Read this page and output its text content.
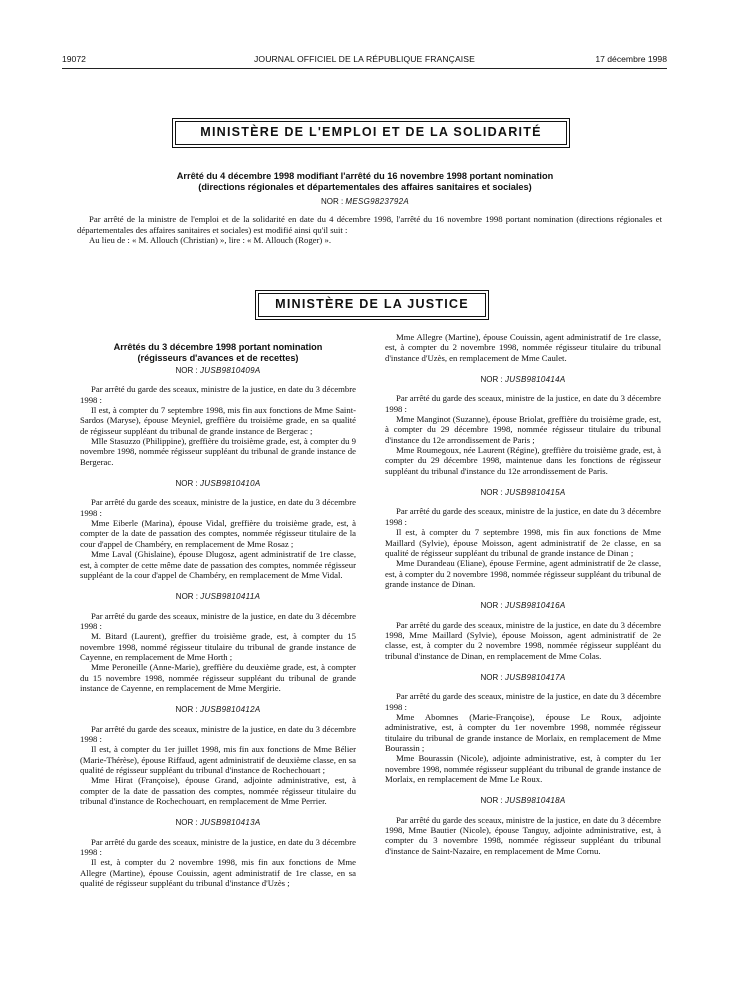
19072	JOURNAL OFFICIEL DE LA RÉPUBLIQUE FRANÇAISE	17 décembre 1998
MINISTÈRE DE L'EMPLOI ET DE LA SOLIDARITÉ
Arrêté du 4 décembre 1998 modifiant l'arrêté du 16 novembre 1998 portant nomination
(directions régionales et départementales des affaires sanitaires et sociales)
NOR : MESG9823792A

Par arrêté de la ministre de l'emploi et de la solidarité en date du 4 décembre 1998, l'arrêté du 16 novembre 1998 portant nomination (directions régionales et départementales des affaires sanitaires et sociales) est modifié ainsi qu'il suit :

Au lieu de : « M. Allouch (Christian) », lire : « M. Allouch (Roger) ».

MINISTÈRE DE LA JUSTICE
Arrêtés du 3 décembre 1998 portant nomination
(régisseurs d'avances et de recettes)
NOR : JUSB9810409A

Par arrêté du garde des sceaux, ministre de la justice, en date du 3 décembre 1998 :

Il est, à compter du 7 septembre 1998, mis fin aux fonctions de Mme Saint-Sardos (Maryse), épouse Meyniel, greffière du troisième grade, en sa qualité de régisseur suppléant du tribunal de grande instance de Bergerac ;

Mlle Stasuzzo (Philippine), greffière du troisième grade, est, à compter du 9 novembre 1998, nommée régisseur suppléant du tribunal de grande instance de Bergerac.

NOR : JUSB9810410A

Par arrêté du garde des sceaux, ministre de la justice, en date du 3 décembre 1998 :

Mme Eiberle (Marina), épouse Vidal, greffière du troisième grade, est, à compter de la date de passation des comptes, nommée régisseur titulaire de la cour d'appel de Chambéry, en remplacement de Mme Rosaz ;

Mme Laval (Ghislaine), épouse Dlugosz, agent administratif de 1re classe, est, à compter de cette même date de passation des comptes, nommée régisseur suppléant de la cour d'appel de Chambéry, en remplacement de Mme Vidal.

NOR : JUSB9810411A

Par arrêté du garde des sceaux, ministre de la justice, en date du 3 décembre 1998 :

M. Bitard (Laurent), greffier du troisième grade, est, à compter du 15 novembre 1998, nommé régisseur titulaire du tribunal de grande instance de Cayenne, en remplacement de Mme Horth ;

Mme Peroneille (Anne-Marie), greffière du deuxième grade, est, à compter du 15 novembre 1998, nommée régisseur suppléant du tribunal de grande instance de Cayenne, en remplacement de Mme Mergirie.

NOR : JUSB9810412A

Par arrêté du garde des sceaux, ministre de la justice, en date du 3 décembre 1998 :

Il est, à compter du 1er juillet 1998, mis fin aux fonctions de Mme Bélier (Marie-Thérèse), épouse Riffaud, agent administratif de deuxième classe, en sa qualité de régisseur suppléant du tribunal d'instance de Rochechouart ;

Mme Hirat (Françoise), épouse Grand, adjointe administrative, est, à compter de la date de passation des comptes, nommée régisseur titulaire du tribunal d'instance de Rochechouart, en remplacement de Mme Perrier.

NOR : JUSB9810413A

Par arrêté du garde des sceaux, ministre de la justice, en date du 3 décembre 1998 :

Il est, à compter du 2 novembre 1998, mis fin aux fonctions de Mme Allegre (Martine), épouse Couissin, agent administratif de 1re classe, en sa qualité de régisseur suppléant du tribunal d'instance d'Uzès ;

Mme Allegre (Martine), épouse Couissin, agent administratif de 1re classe, est, à compter du 2 novembre 1998, nommée régisseur titulaire du tribunal d'instance d'Uzès, en remplacement de Mme Caulet.

NOR : JUSB9810414A

Par arrêté du garde des sceaux, ministre de la justice, en date du 3 décembre 1998 :

Mme Manginot (Suzanne), épouse Briolat, greffière du troisième grade, est, à compter du 29 décembre 1998, nommée régisseur titulaire du tribunal d'instance du 12e arrondissement de Paris ;

Mme Roumegoux, née Laurent (Régine), greffière du troisième grade, est, à compter du 29 décembre 1998, maintenue dans les fonctions de régisseur suppléant du tribunal d'instance du 12e arrondissement de Paris.

NOR : JUSB9810415A

Par arrêté du garde des sceaux, ministre de la justice, en date du 3 décembre 1998 :

Il est, à compter du 7 septembre 1998, mis fin aux fonctions de Mme Maillard (Sylvie), épouse Moisson, agent administratif de 2e classe, en sa qualité de régisseur suppléant du tribunal de grande instance de Dinan ;

Mme Durandeau (Eliane), épouse Fermine, agent administratif de 2e classe, est, à compter du 2 novembre 1998, nommée régisseur suppléant du tribunal de grande instance de Dinan.

NOR : JUSB9810416A

Par arrêté du garde des sceaux, ministre de la justice, en date du 3 décembre 1998, Mme Maillard (Sylvie), épouse Moisson, agent administratif de 2e classe, est, à compter du 2 novembre 1998, nommée régisseur suppléant du tribunal d'instance de Dinan, en remplacement de Mme Colas.

NOR : JUSB9810417A

Par arrêté du garde des sceaux, ministre de la justice, en date du 3 décembre 1998 :

Mme Abomnes (Marie-Françoise), épouse Le Roux, adjointe administrative, est, à compter du 1er novembre 1998, nommée régisseur titulaire du tribunal de grande instance de Morlaix, en remplacement de Mme Bourassin ;

Mme Bourassin (Nicole), adjointe administrative, est, à compter du 1er novembre 1998, nommée régisseur suppléant du tribunal de grande instance de Morlaix, en remplacement de Mme Le Roux.

NOR : JUSB9810418A

Par arrêté du garde des sceaux, ministre de la justice, en date du 3 décembre 1998, Mme Bautier (Nicole), épouse Tanguy, adjointe administrative, est, à compter du 3 novembre 1998, nommée régisseur suppléant du tribunal d'instance de Saint-Nazaire, en remplacement de Mme Cornu.
